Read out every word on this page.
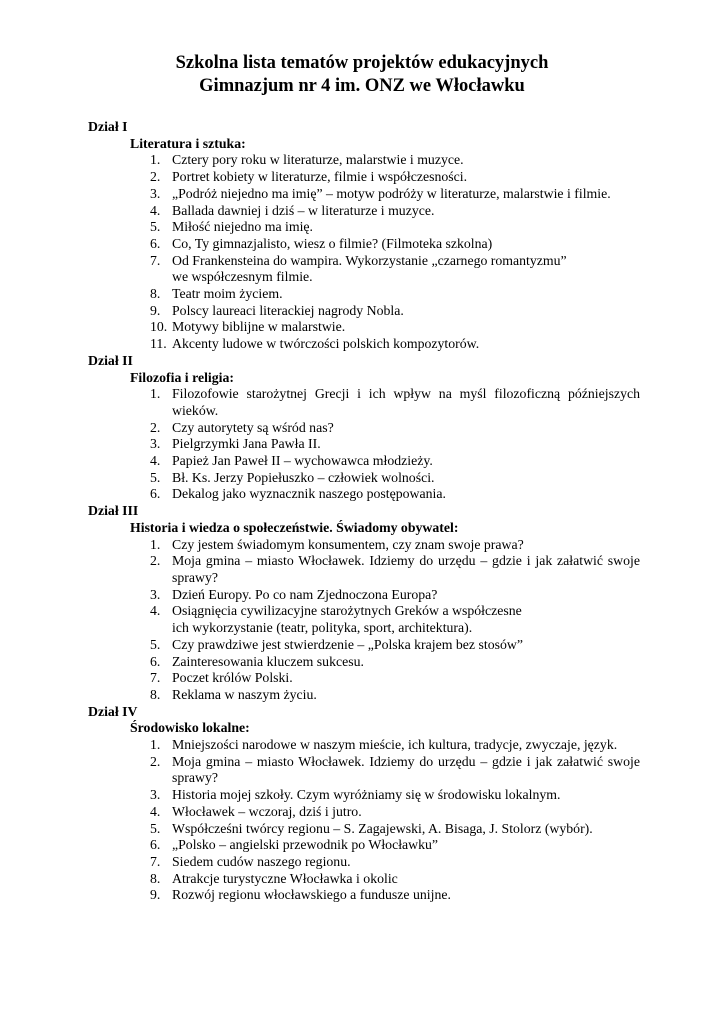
Szkolna lista tematów projektów edukacyjnych
Gimnazjum nr 4 im. ONZ we Włocławku
Dział I
Literatura i sztuka:
1. Cztery pory roku w literaturze, malarstwie i muzyce.
2. Portret kobiety w literaturze, filmie i współczesności.
3. „Podróż niejedno ma imię” – motyw podróży w literaturze, malarstwie i filmie.
4. Ballada dawniej i dziś – w literaturze i muzyce.
5. Miłość niejedno ma imię.
6. Co, Ty gimnazjalisto, wiesz o filmie? (Filmoteka szkolna)
7. Od Frankensteina do wampira. Wykorzystanie „czarnego romantyzmu”
we współczesnym filmie.
8. Teatr moim życiem.
9. Polscy laureaci literackiej nagrody Nobla.
10. Motywy biblijne w malarstwie.
11. Akcenty ludowe w twórczości polskich kompozytorów.
Dział II
Filozofia i religia:
1. Filozofowie starożytnej Grecji i ich wpływ na myśl filozoficzną późniejszych wieków.
2. Czy autorytety są wśród nas?
3. Pielgrzymki Jana Pawła II.
4. Papież Jan Paweł II – wychowawca młodzieży.
5. Bł. Ks. Jerzy Popiełuszko – człowiek wolności.
6. Dekalog jako wyznacznik naszego postępowania.
Dział III
Historia i wiedza o społeczeństwie. Świadomy obywatel:
1. Czy jestem świadomym konsumentem, czy znam swoje prawa?
2. Moja gmina – miasto Włocławek. Idziemy do urzędu – gdzie i jak załatwić swoje sprawy?
3. Dzień Europy. Po co nam Zjednoczona Europa?
4. Osiągnięcia cywilizacyjne starożytnych Greków a współczesne
ich wykorzystanie (teatr, polityka, sport, architektura).
5. Czy prawdziwe jest stwierdzenie – „Polska krajem bez stosów”
6. Zainteresowania kluczem sukcesu.
7. Poczet królów Polski.
8. Reklama w naszym życiu.
Dział IV
Środowisko lokalne:
1. Mniejszości narodowe w naszym mieście, ich kultura, tradycje, zwyczaje, język.
2. Moja gmina – miasto Włocławek. Idziemy do urzędu – gdzie i jak załatwić swoje sprawy?
3. Historia mojej szkoły. Czym wyróżniamy się w środowisku lokalnym.
4. Włocławek – wczoraj, dziś i jutro.
5. Współcześni twórcy regionu – S. Zagajewski, A. Bisaga, J. Stolorz (wybór).
6. „Polsko – angielski przewodnik po Włocławku”
7. Siedem cudów naszego regionu.
8. Atrakcje turystyczne Włocławka i okolic
9. Rozwój regionu włocławskiego a fundusze unijne.
